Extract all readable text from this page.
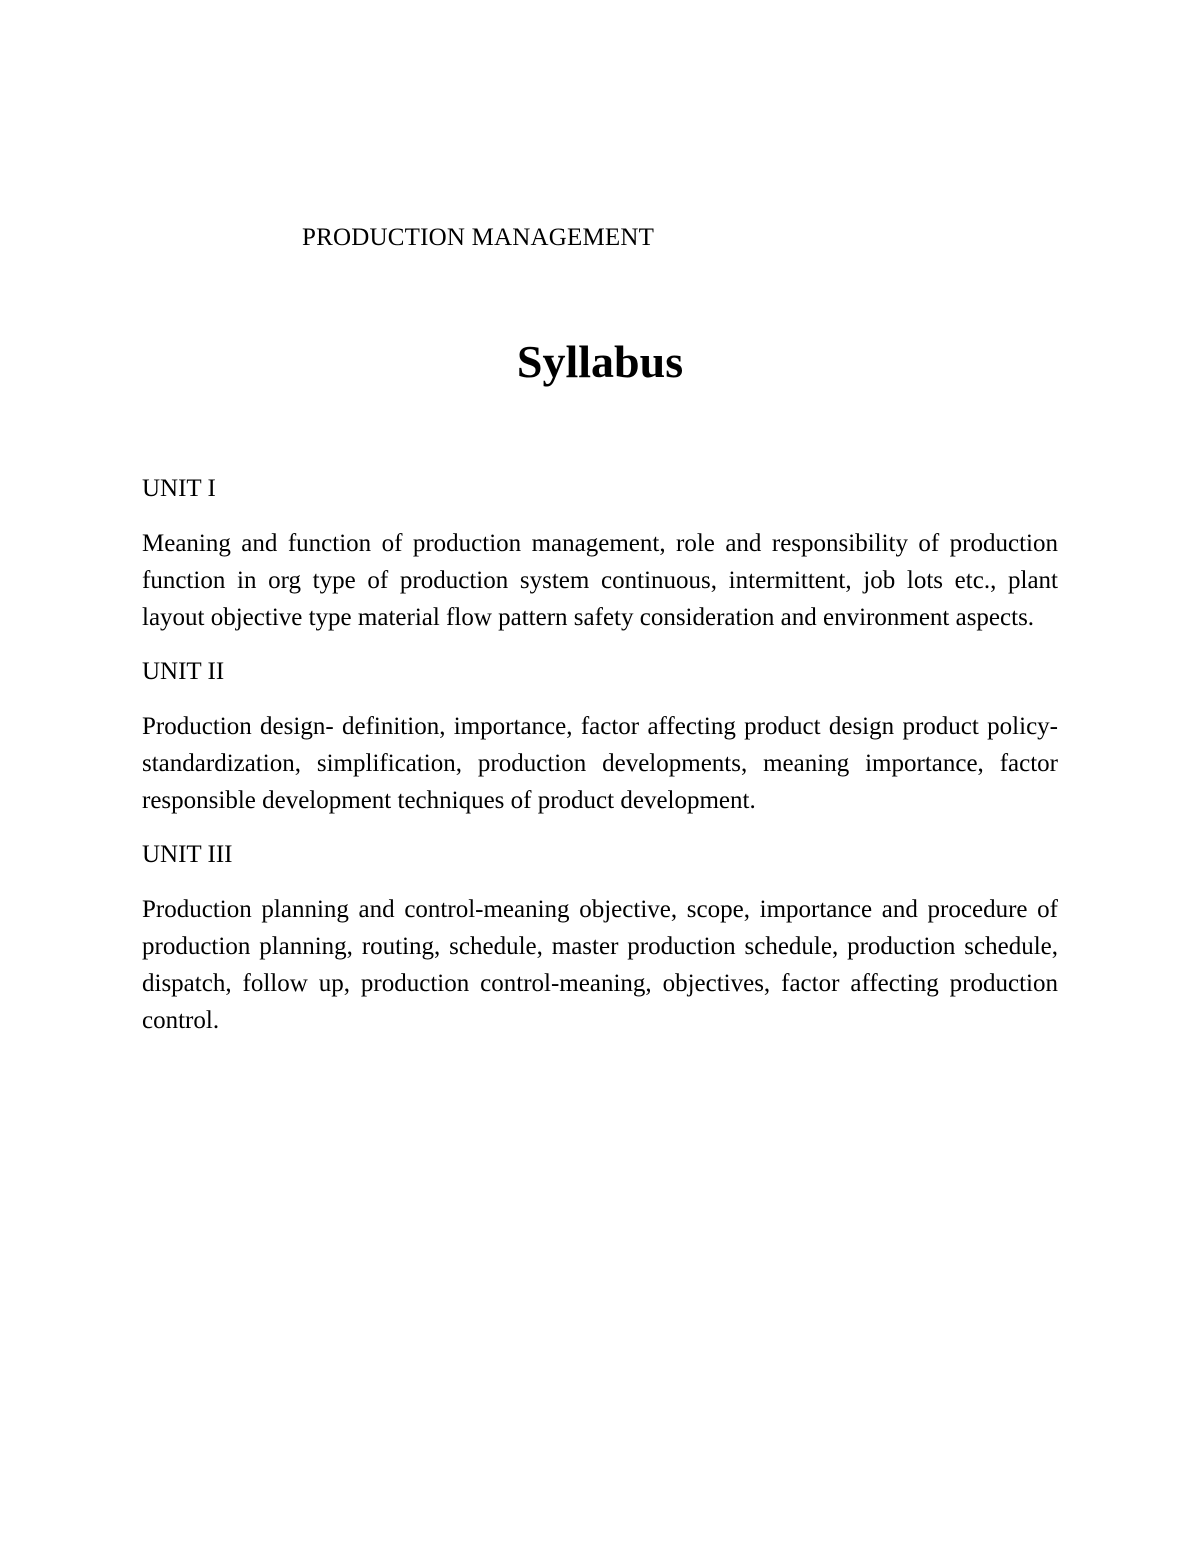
PRODUCTION MANAGEMENT

Syllabus
UNIT I

Meaning and function of production management, role and responsibility of production function in org type of production system continuous, intermittent, job lots etc., plant layout objective type material flow pattern safety consideration and environment aspects.

UNIT II

Production design- definition, importance, factor affecting product design product policy-standardization, simplification, production developments, meaning importance, factor responsible development techniques of product development.

UNIT III

Production planning and control-meaning objective, scope, importance and procedure of production planning, routing, schedule, master production schedule, production schedule, dispatch, follow up, production control-meaning, objectives, factor affecting production control.
